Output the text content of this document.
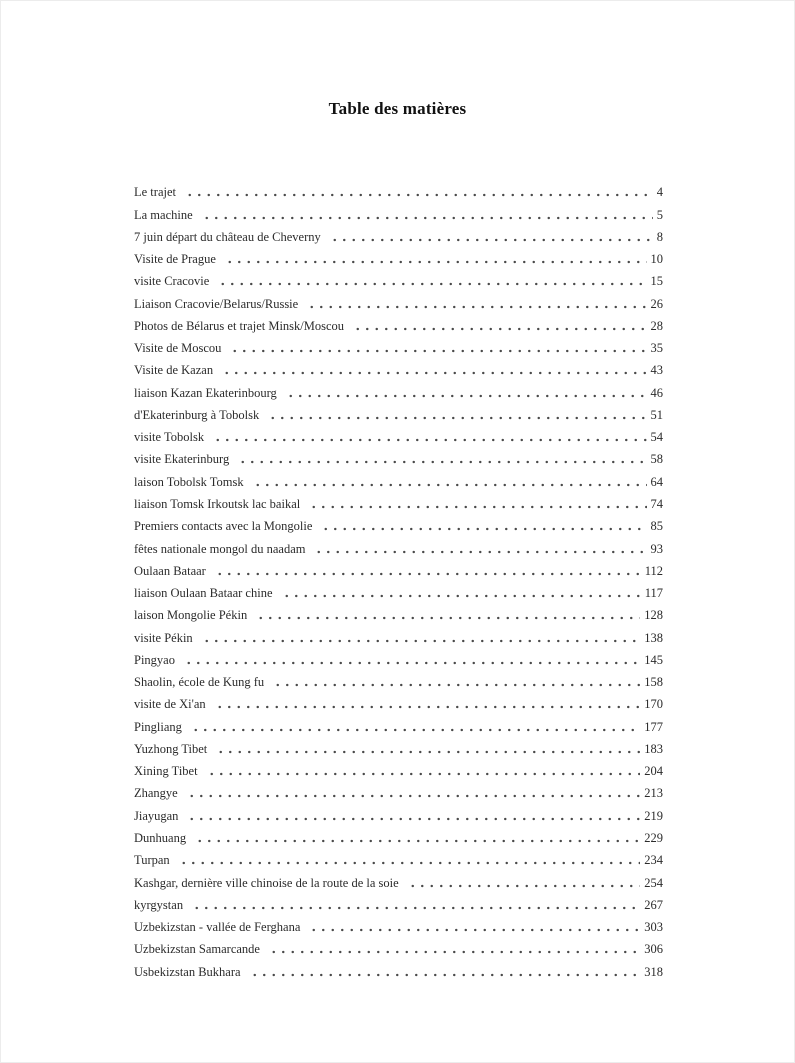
Table des matières
Le trajet	4
La machine	5
7 juin départ du château de Cheverny	8
Visite de Prague	10
visite Cracovie	15
Liaison Cracovie/Belarus/Russie	26
Photos de Bélarus et trajet Minsk/Moscou	28
Visite de Moscou	35
Visite de Kazan	43
liaison Kazan Ekaterinbourg	46
d'Ekaterinburg à Tobolsk	51
visite Tobolsk	54
visite Ekaterinburg	58
laison Tobolsk Tomsk	64
liaison Tomsk Irkoutsk lac baikal	74
Premiers contacts avec la Mongolie	85
fêtes nationale mongol du naadam	93
Oulaan Bataar	112
liaison Oulaan Bataar chine	117
laison Mongolie Pékin	128
visite Pékin	138
Pingyao	145
Shaolin, école de Kung fu	158
visite de Xi'an	170
Pingliang	177
Yuzhong Tibet	183
Xining Tibet	204
Zhangye	213
Jiayugan	219
Dunhuang	229
Turpan	234
Kashgar, dernière ville chinoise de la route de la soie	254
kyrgystan	267
Uzbekizstan - vallée de Ferghana	303
Uzbekizstan Samarcande	306
Usbekizstan Bukhara	318
